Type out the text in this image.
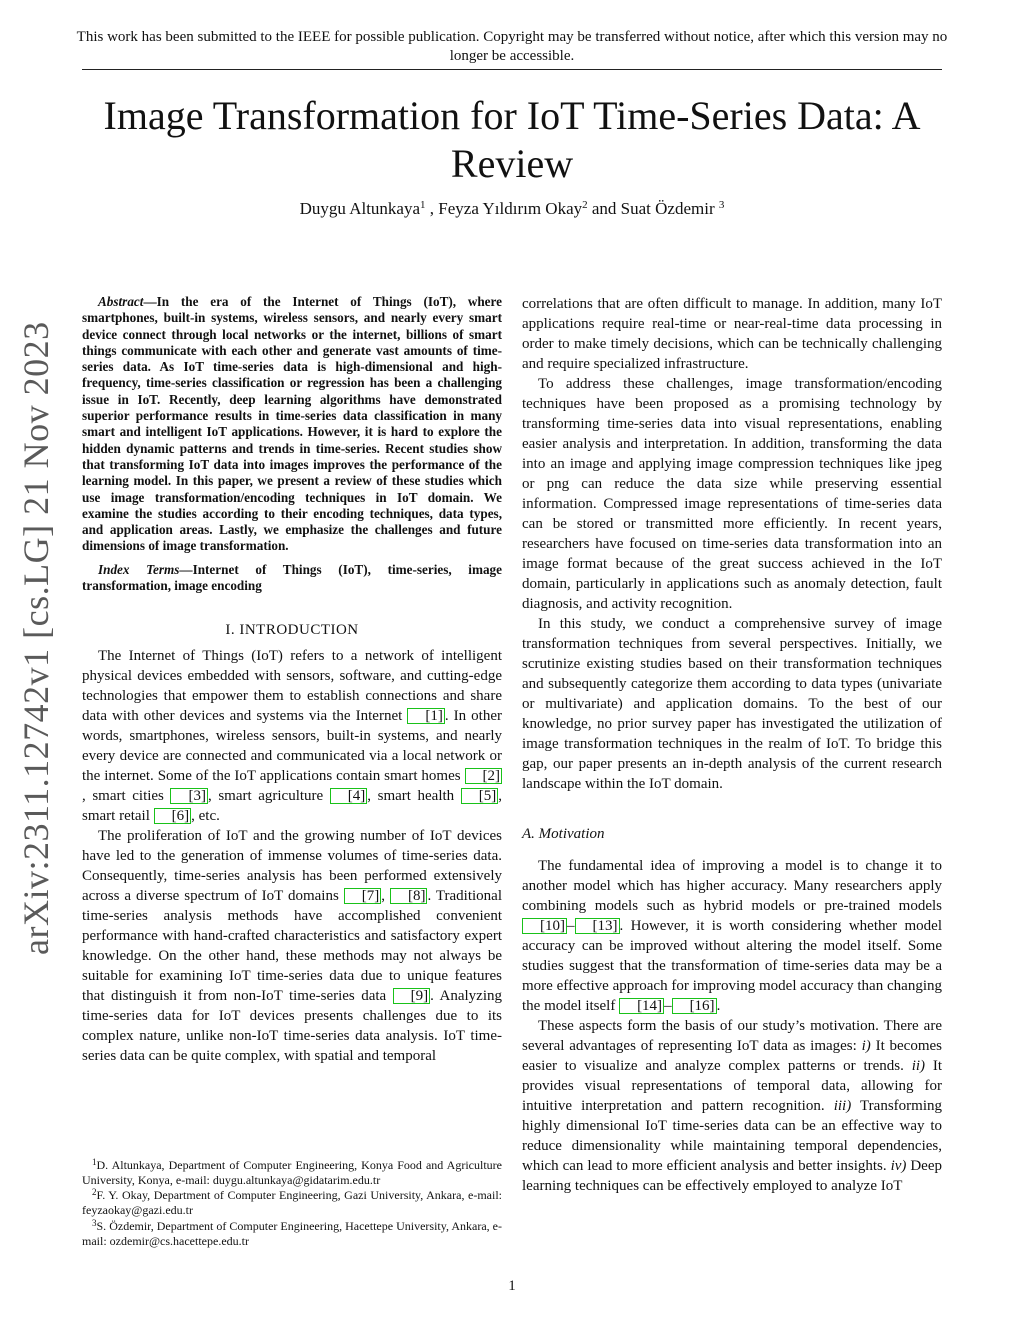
This work has been submitted to the IEEE for possible publication. Copyright may be transferred without notice, after which this version may no longer be accessible.
Image Transformation for IoT Time-Series Data: A Review
Duygu Altunkaya$^1$ , Feyza Yıldırım Okay$^2$ and Suat Özdemir $^3$
arXiv:2311.12742v1 [cs.LG] 21 Nov 2023

Abstract—In the era of the Internet of Things (IoT), where smartphones, built-in systems, wireless sensors, and nearly every smart device connect through local networks or the internet, billions of smart things communicate with each other and generate vast amounts of time-series data. As IoT time-series data is high-dimensional and high-frequency, time-series classification or regression has been a challenging issue in IoT. Recently, deep learning algorithms have demonstrated superior performance results in time-series data classification in many smart and intelligent IoT applications. However, it is hard to explore the hidden dynamic patterns and trends in time-series. Recent studies show that transforming IoT data into images improves the performance of the learning model. In this paper, we present a review of these studies which use image transformation/encoding techniques in IoT domain. We examine the studies according to their encoding techniques, data types, and application areas. Lastly, we emphasize the challenges and future dimensions of image transformation.

Index Terms—Internet of Things (IoT), time-series, image transformation, image encoding

I. INTRODUCTION

The Internet of Things (IoT) refers to a network of intelligent physical devices embedded with sensors, software, and cutting-edge technologies that empower them to establish connections and share data with other devices and systems via the Internet [1] . In other words, smartphones, wireless sensors, built-in systems, and nearly every device are connected and communicated via a local network or the internet. Some of the IoT applications contain smart homes [2], smart cities [3] , smart agriculture [4] , smart health [5] , smart retail [6] , etc.

The proliferation of IoT and the growing number of IoT devices have led to the generation of immense volumes of time-series data. Consequently, time-series analysis has been performed extensively across a diverse spectrum of IoT domains [7] , [8] . Traditional time-series analysis methods have accomplished convenient performance with hand-crafted characteristics and satisfactory expert knowledge. On the other hand, these methods may not always be suitable for examining IoT time-series data due to unique features that distinguish it from non-IoT time-series data [9] . Analyzing time-series data for IoT devices presents challenges due to its complex nature, unlike non-IoT time-series data analysis. IoT time-series data can be quite complex, with spatial and temporal

$^1$D. Altunkaya, Department of Computer Engineering, Konya Food and Agriculture University, Konya, e-mail: duygu.altunkaya@gidatarim.edu.tr

$^2$F. Y. Okay, Department of Computer Engineering, Gazi University, Ankara, e-mail: feyzaokay@gazi.edu.tr

$^3$S. Özdemir, Department of Computer Engineering, Hacettepe University, Ankara, e-mail: ozdemir@cs.hacettepe.edu.tr

correlations that are often difficult to manage. In addition, many IoT applications require real-time or near-real-time data processing in order to make timely decisions, which can be technically challenging and require specialized infrastructure.

To address these challenges, image transformation/encoding techniques have been proposed as a promising technology by transforming time-series data into visual representations, enabling easier analysis and interpretation. In addition, transforming the data into an image and applying image compression techniques like jpeg or png can reduce the data size while preserving essential information. Compressed image representations of time-series data can be stored or transmitted more efficiently. In recent years, researchers have focused on time-series data transformation into an image format because of the great success achieved in the IoT domain, particularly in applications such as anomaly detection, fault diagnosis, and activity recognition.

In this study, we conduct a comprehensive survey of image transformation techniques from several perspectives. Initially, we scrutinize existing studies based on their transformation techniques and subsequently categorize them according to data types (univariate or multivariate) and application domains. To the best of our knowledge, no prior survey paper has investigated the utilization of image transformation techniques in the realm of IoT. To bridge this gap, our paper presents an in-depth analysis of the current research landscape within the IoT domain.

A. Motivation

The fundamental idea of improving a model is to change it to another model which has higher accuracy. Many researchers apply combining models such as hybrid models or pre-trained models [10] – [13] . However, it is worth considering whether model accuracy can be improved without altering the model itself. Some studies suggest that the transformation of time-series data may be a more effective approach for improving model accuracy than changing the model itself [14] – [16] .

These aspects form the basis of our study’s motivation. There are several advantages of representing IoT data as images: i) It becomes easier to visualize and analyze complex patterns or trends. ii) It provides visual representations of temporal data, allowing for intuitive interpretation and pattern recognition. iii) Transforming highly dimensional IoT time-series data can be an effective way to reduce dimensionality while maintaining temporal dependencies, which can lead to more efficient analysis and better insights. iv) Deep learning techniques can be effectively employed to analyze IoT

1
